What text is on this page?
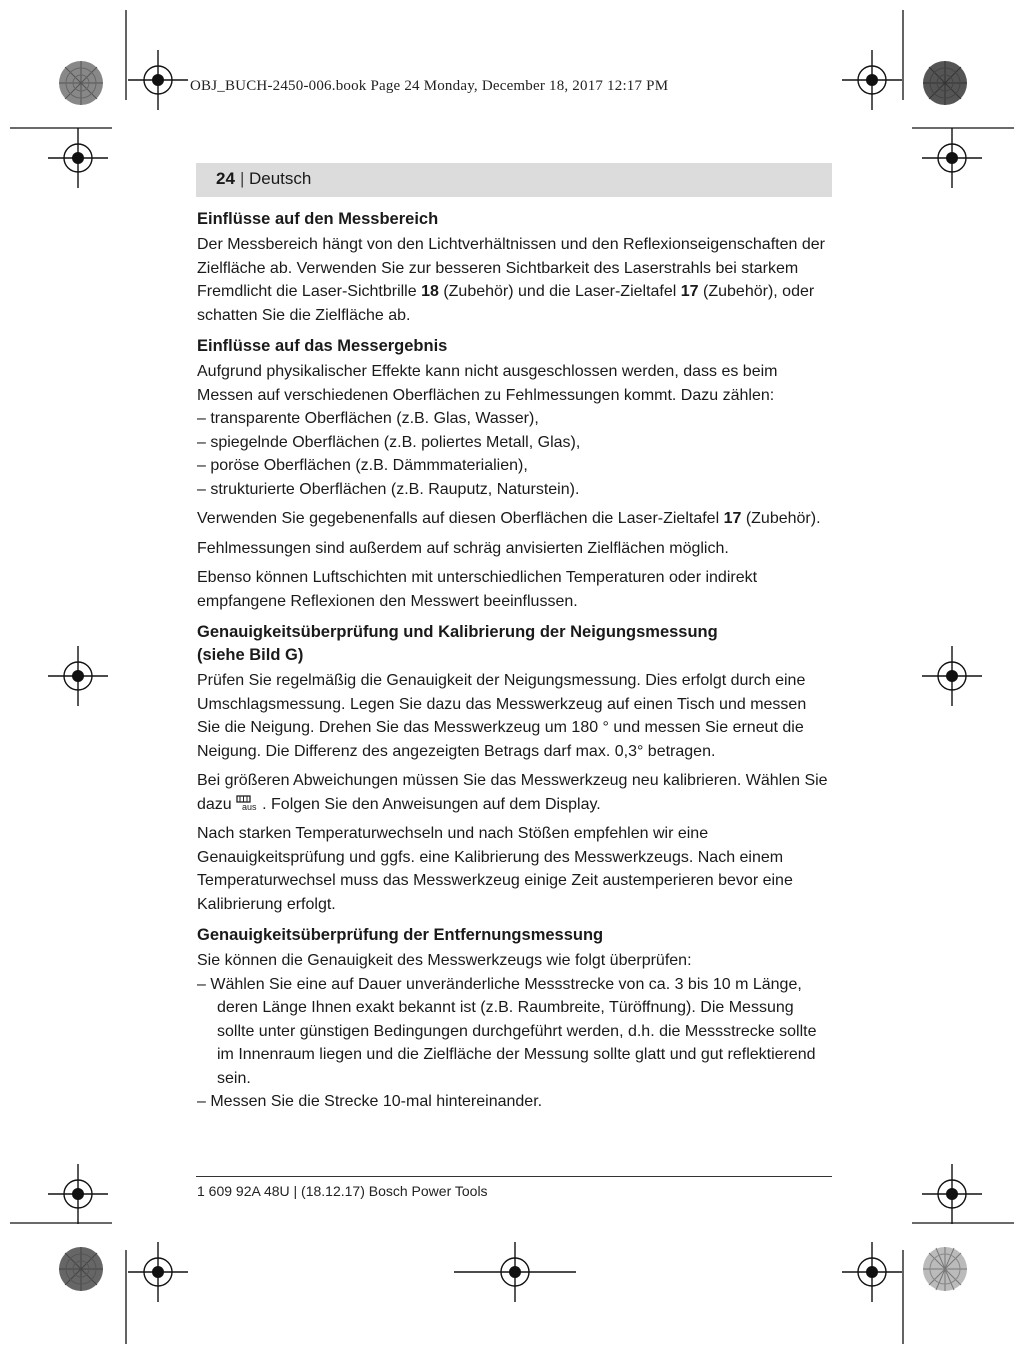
OBJ_BUCH-2450-006.book Page 24 Monday, December 18, 2017 12:17 PM
24 | Deutsch
Einflüsse auf den Messbereich

Der Messbereich hängt von den Lichtverhältnissen und den Reflexionseigenschaften der Zielfläche ab. Verwenden Sie zur besseren Sichtbarkeit des Laserstrahls bei starkem Fremdlicht die Laser-Sichtbrille 18 (Zubehör) und die Laser-Zieltafel 17 (Zubehör), oder schatten Sie die Zielfläche ab.

Einflüsse auf das Messergebnis

Aufgrund physikalischer Effekte kann nicht ausgeschlossen werden, dass es beim Messen auf verschiedenen Oberflächen zu Fehlmessungen kommt. Dazu zählen:

– transparente Oberflächen (z.B. Glas, Wasser),
– spiegelnde Oberflächen (z.B. poliertes Metall, Glas),
– poröse Oberflächen (z.B. Dämmmaterialien),
– strukturierte Oberflächen (z.B. Rauputz, Naturstein).

Verwenden Sie gegebenenfalls auf diesen Oberflächen die Laser-Zieltafel 17 (Zubehör).

Fehlmessungen sind außerdem auf schräg anvisierten Zielflächen möglich.

Ebenso können Luftschichten mit unterschiedlichen Temperaturen oder indirekt empfangene Reflexionen den Messwert beeinflussen.

Genauigkeitsüberprüfung und Kalibrierung der Neigungsmessung
(siehe Bild G)

Prüfen Sie regelmäßig die Genauigkeit der Neigungsmessung. Dies erfolgt durch eine Umschlagsmessung. Legen Sie dazu das Messwerkzeug auf einen Tisch und messen Sie die Neigung. Drehen Sie das Messwerkzeug um 180 ° und messen Sie erneut die Neigung. Die Differenz des angezeigten Betrags darf max. 0,3° betragen.

Bei größeren Abweichungen müssen Sie das Messwerkzeug neu kalibrieren. Wählen Sie dazu aus . Folgen Sie den Anweisungen auf dem Display.

Nach starken Temperaturwechseln und nach Stößen empfehlen wir eine Genauigkeitsprüfung und ggfs. eine Kalibrierung des Messwerkzeugs. Nach einem Temperaturwechsel muss das Messwerkzeug einige Zeit austemperieren bevor eine Kalibrierung erfolgt.

Genauigkeitsüberprüfung der Entfernungsmessung

Sie können die Genauigkeit des Messwerkzeugs wie folgt überprüfen:

– Wählen Sie eine auf Dauer unveränderliche Messstrecke von ca. 3 bis 10 m Länge, deren Länge Ihnen exakt bekannt ist (z.B. Raumbreite, Türöffnung). Die Messung sollte unter günstigen Bedingungen durchgeführt werden, d.h. die Messstrecke sollte im Innenraum liegen und die Zielfläche der Messung sollte glatt und gut reflektierend sein.
– Messen Sie die Strecke 10-mal hintereinander.
1 609 92A 48U | (18.12.17) Bosch Power Tools
